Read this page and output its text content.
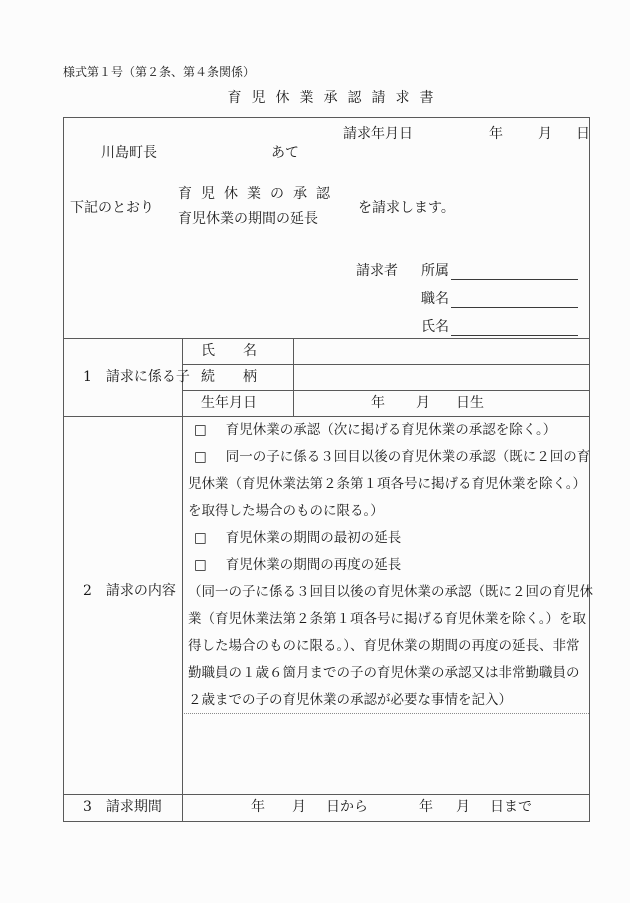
様式第１号（第２条、第４条関係）
育児休業承認請求書
請求年月日	年	月 日
川島町長	あて
下記のとおり
育児休業の承認
育児休業の期間の延長
を請求します。
請求者 所属
職名
氏名
1 請求に係る子
氏　　名
続　　柄
生年月日	年 月 日生
2 請求の内容
□ 育児休業の承認（次に掲げる育児休業の承認を除く。）
□ 同一の子に係る３回目以後の育児休業の承認（既に２回の育
児休業（育児休業法第２条第１項各号に掲げる育児休業を除く。）
を取得した場合のものに限る。）
□ 育児休業の期間の最初の延長
□ 育児休業の期間の再度の延長
（同一の子に係る３回目以後の育児休業の承認（既に２回の育児休
業（育児休業法第２条第１項各号に掲げる育児休業を除く。）を取
得した場合のものに限る。）、育児休業の期間の再度の延長、非常
勤職員の１歳６箇月までの子の育児休業の承認又は非常勤職員の
２歳までの子の育児休業の承認が必要な事情を記入）
3 請求期間	年 月 日から	年 月 日まで
